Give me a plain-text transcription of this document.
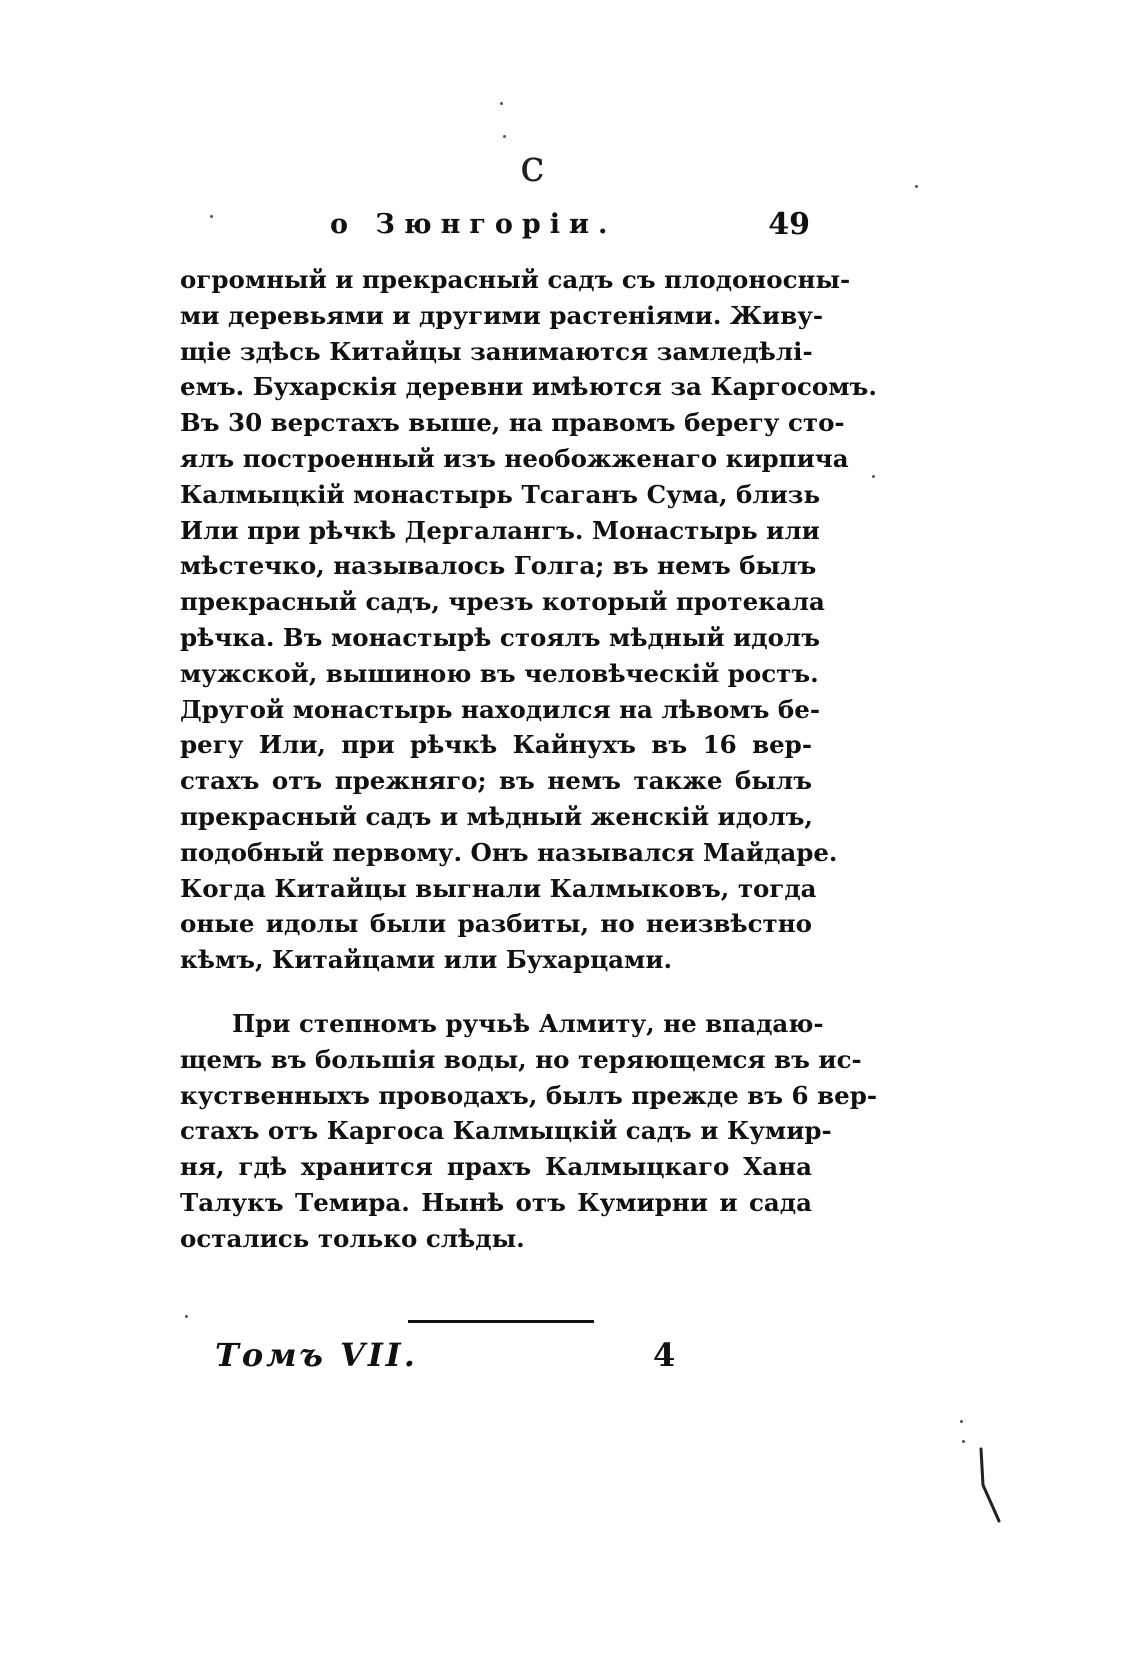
c
о Зюнгоріи.	49
огромный и прекрасный садъ съ плодоносны-
ми деревьями и другими растеніями. Живу-
щіе здѣсь Китайцы занимаются замледѣлі-
емъ. Бухарскія деревни имѣются за Каргосомъ.
Въ 30 верстахъ выше, на правомъ берегу сто-
ялъ построенный изъ необожженаго кирпича
Калмыцкій монастырь Тсаганъ Сума, близь
Или при рѣчкѣ Дергалангъ. Монастырь или
мѣстечко, называлось Голга; въ немъ былъ
прекрасный садъ, чрезъ который протекала
рѣчка. Въ монастырѣ стоялъ мѣдный идолъ
мужской, вышиною въ человѣческій ростъ.
Другой монастырь находился на лѣвомъ бе-
регу Или, при рѣчкѣ Кайнухъ въ 16 вер-
стахъ отъ прежняго; въ немъ также былъ
прекрасный садъ и мѣдный женскій идолъ,
подобный первому. Онъ назывался Майдаре.
Когда Китайцы выгнали Калмыковъ, тогда
оные идолы были разбиты, но неизвѣстно
кѣмъ, Китайцами или Бухарцами.
При степномъ ручьѣ Алмиту, не впадаю-
щемъ въ большія воды, но теряющемся въ ис-
куственныхъ проводахъ, былъ прежде въ 6 вер-
стахъ отъ Каргоса Калмыцкій садъ и Кумир-
ня, гдѣ хранится прахъ Калмыцкаго Хана
Талукъ Темира. Нынѣ отъ Кумирни и сада
остались только слѣды.
Томъ VII.	4
